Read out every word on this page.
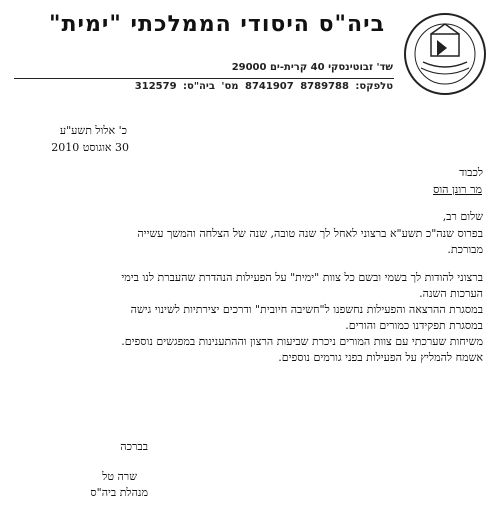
ביה"ס היסודי הממלכתי "ימית"
שד' זבוטינסקי 40 קרית-ים 29000
טלפקס: 8789788 8741907 מס' ביה"ס: 312579
כ' אלול תשע"ע
30 אוגוסט 2010
לכבוד
מר רונן הוס
שלום רב,
בפרוס שנה"כ תשע"א ברצוני לאחל לך שנה טובה, שנה של הצלחה והמשך עשייה
מבורכת.
ברצוני להודות לך בשמי ובשם כל צוות "ימית" על הפעילות הנהדרת שהעברת לנו בימי
הערכות השנה.
במסגרת ההרצאה והפעילות נחשפנו ל"חשיבה חיובית" ודרכים יצירתיות לשינוי גישה
במסגרת תפקידנו כמורים והורים.
משיחות שערכתי עם צוות המורים ניכרת שביעות הרצון וההתענינות במפגשים נוספים.
אשמח להמליץ על הפעילות בפני גורמים נוספים.
בברכה
שרה טל
מנהלת ביה"ס
